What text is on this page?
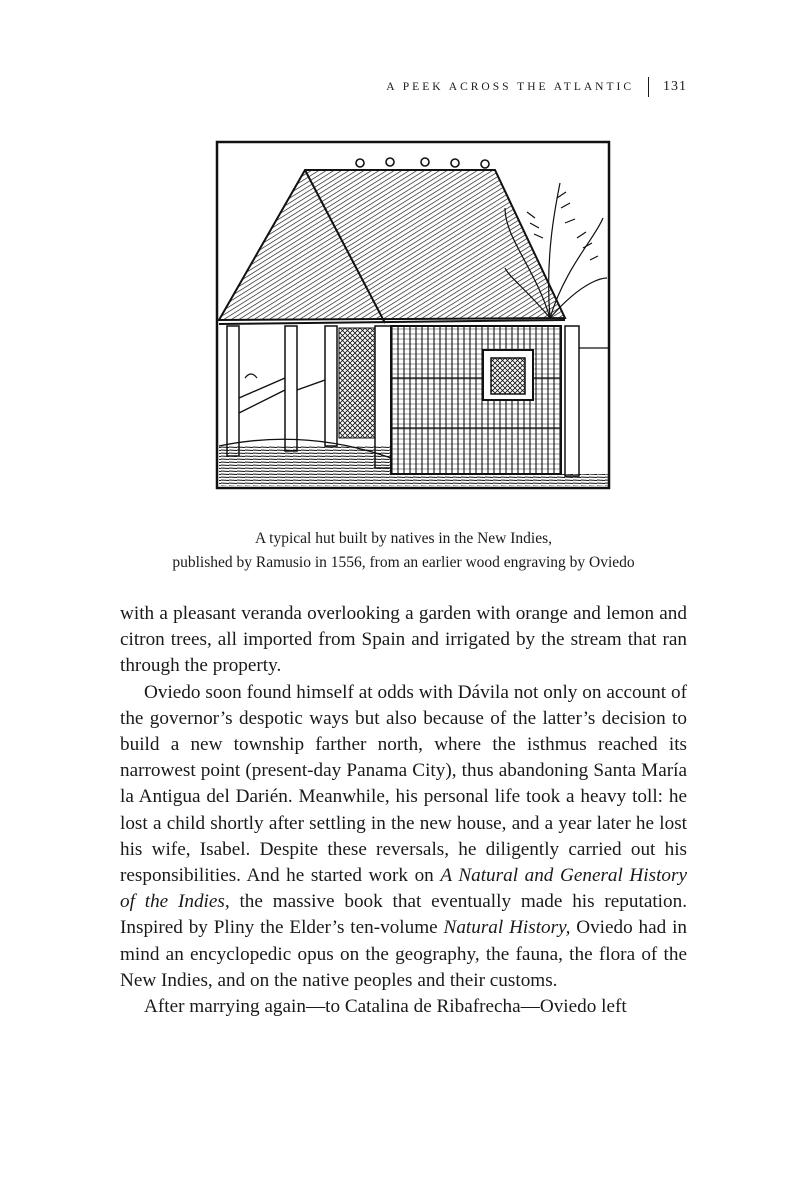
A PEEK ACROSS THE ATLANTIC 131
A typical hut built by natives in the New Indies,
published by Ramusio in 1556, from an earlier wood engraving by Oviedo

with a pleasant veranda overlooking a garden with orange and lemon and citron trees, all imported from Spain and irrigated by the stream that ran through the property.

Oviedo soon found himself at odds with Dávila not only on account of the governor’s despotic ways but also because of the latter’s decision to build a new township farther north, where the isthmus reached its narrowest point (present-day Panama City), thus abandoning Santa María la Antigua del Darién. Meanwhile, his personal life took a heavy toll: he lost a child shortly after settling in the new house, and a year later he lost his wife, Isabel. Despite these reversals, he diligently carried out his responsibilities. And he started work on A Natural and General History of the Indies, the massive book that eventually made his reputation. Inspired by Pliny the Elder’s ten-volume Natural History, Oviedo had in mind an encyclopedic opus on the geography, the fauna, the flora of the New Indies, and on the native peoples and their customs.

After marrying again—to Catalina de Ribafrecha—Oviedo left
